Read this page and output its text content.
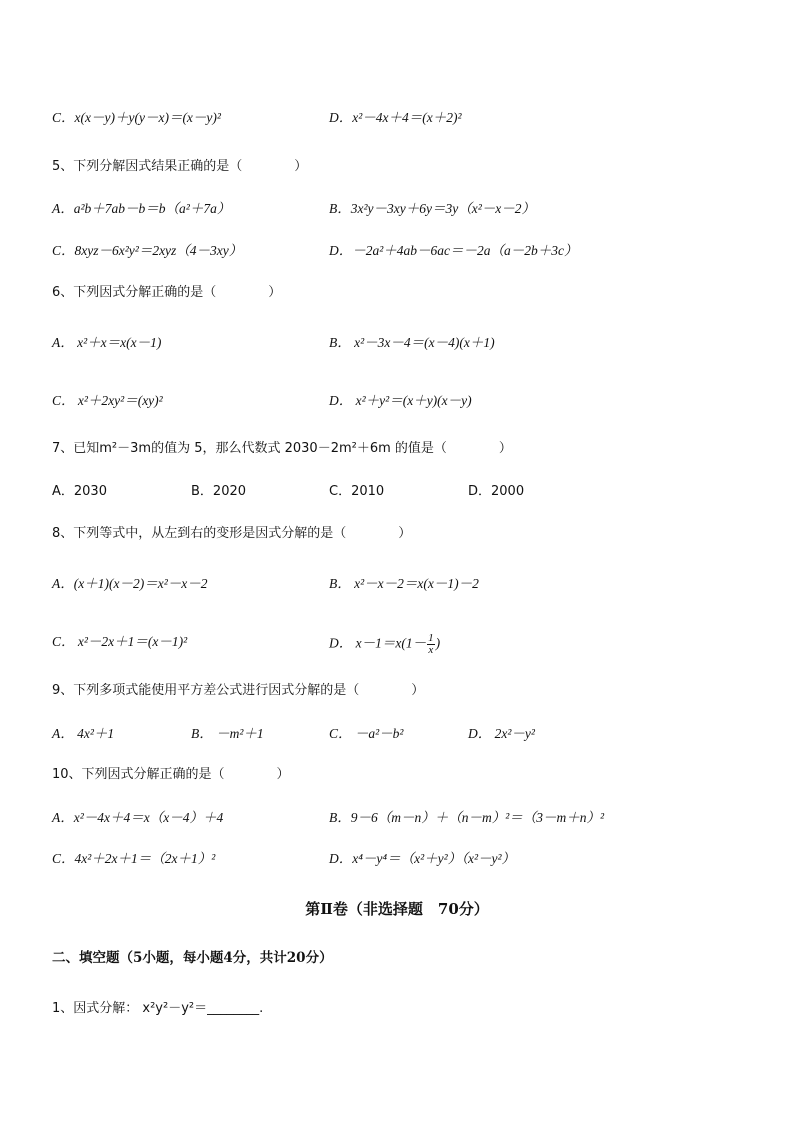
C．x(x－y)＋y(y－x)＝(x－y)²	D．x²－4x＋4＝(x＋2)²
5、下列分解因式结果正确的是（　　　　）
A．a²b＋7ab－b＝b（a²＋7a）	B．3x²y－3xy＋6y＝3y（x²－x－2）
C．8xyz－6x²y²＝2xyz（4－3xy）	D．－2a²＋4ab－6ac＝－2a（a－2b＋3c）
6、下列因式分解正确的是（　　　　）
A． x²＋x＝x(x－1)	B． x²－3x－4＝(x－4)(x＋1)
C． x²＋2xy²＝(xy)²	D． x²＋y²＝(x＋y)(x－y)
7、已知m²－3m的值为 5，那么代数式 2030－2m²＋6m 的值是（　　　　）
A．2030	B．2020	C．2010	D．2000
8、下列等式中，从左到右的变形是因式分解的是（　　　　）
A．(x＋1)(x－2)＝x²－x－2	B． x²－x－2＝x(x－1)－2
C． x²－2x＋1＝(x－1)²	D． $x-1=x(1- \frac{1}{x}$ )
9、下列多项式能使用平方差公式进行因式分解的是（　　　　）
A． 4x²＋1	B． －m²＋1	C． －a²－b²	D． 2x²－y²
10、下列因式分解正确的是（　　　　）
A．x²－4x＋4＝x（x－4）＋4	B．9－6（m－n）＋（n－m）²＝（3－m＋n）²
C．4x²＋2x＋1＝（2x＋1）²	D．x⁴－y⁴＝（x²＋y²）（x²－y²）
第Ⅱ卷（非选择题　70分）
二、填空题（5小题，每小题4分，共计20分）
1、因式分解： x²y²－y²＝________.
